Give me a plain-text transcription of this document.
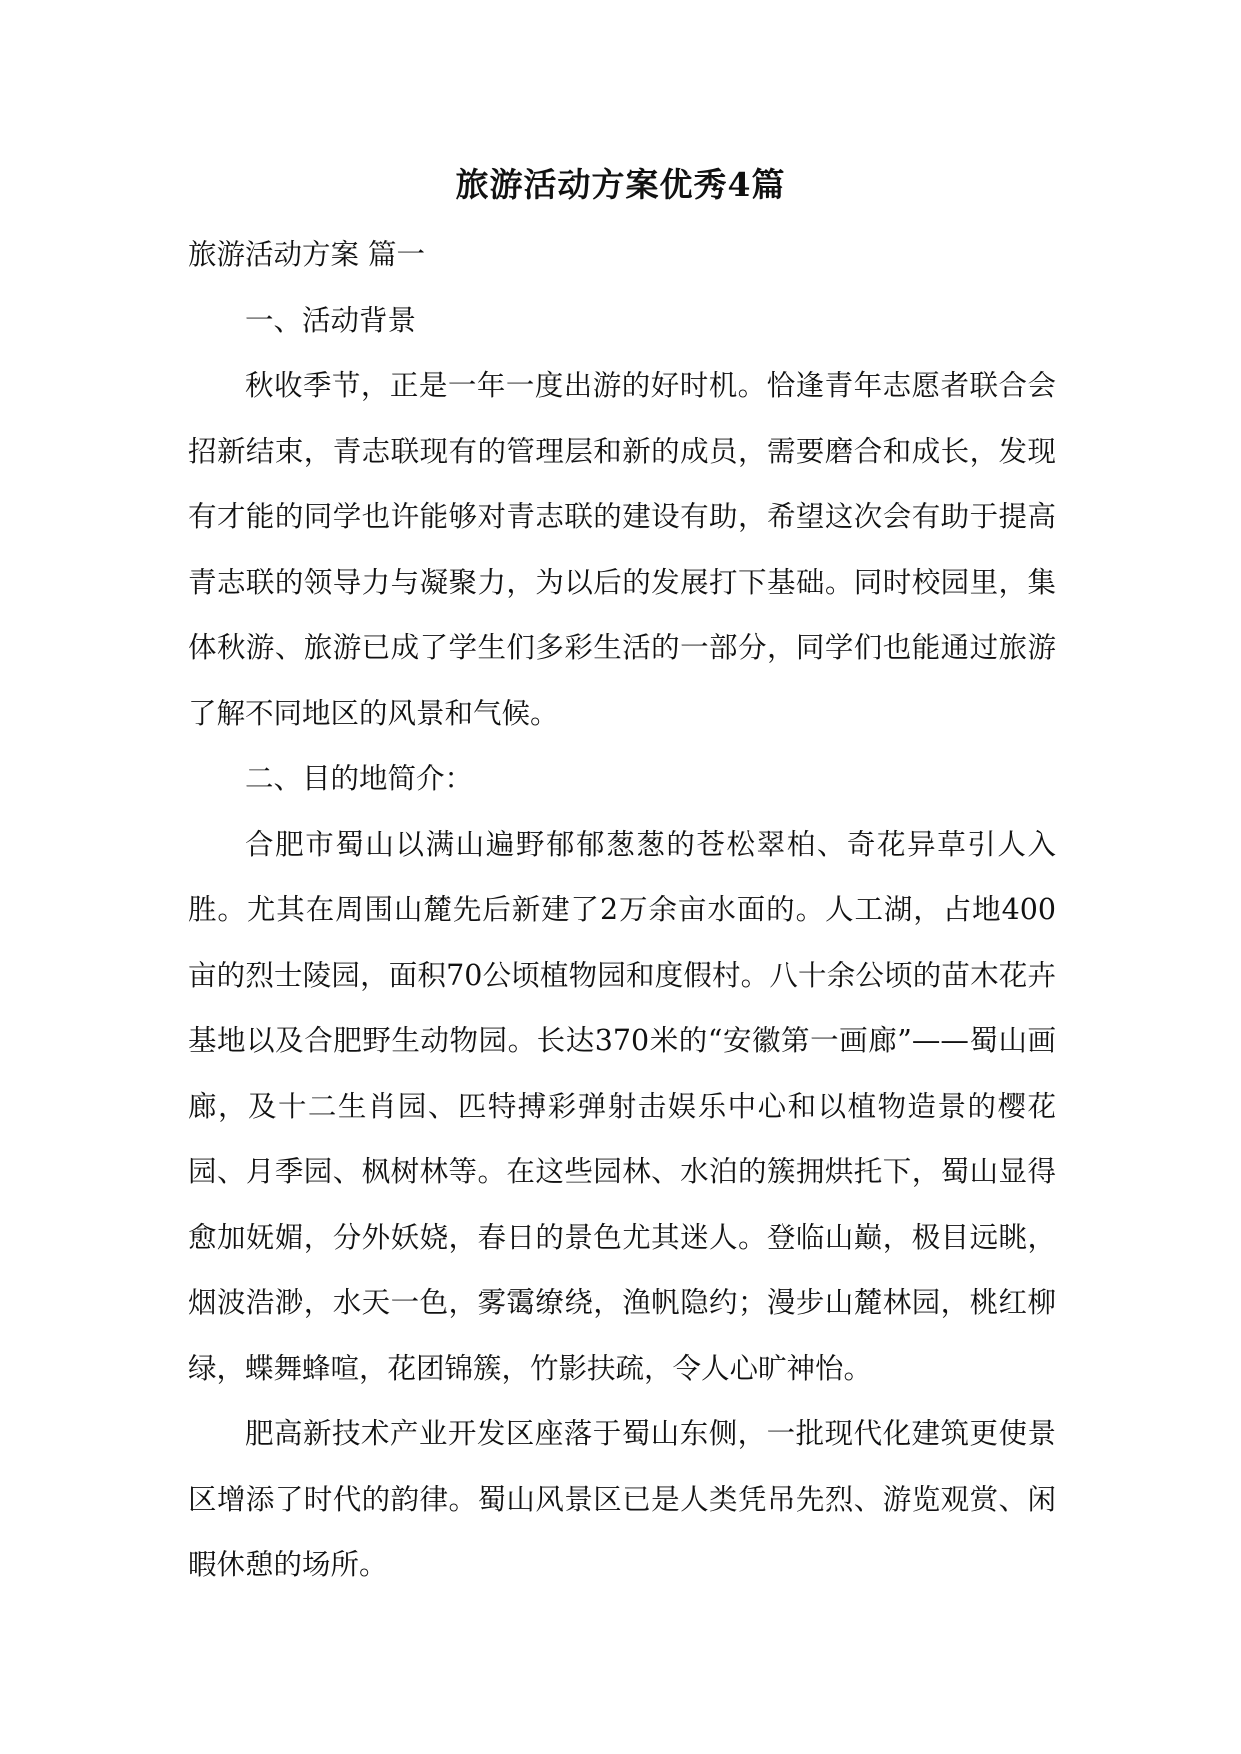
旅游活动方案优秀4篇

旅游活动方案 篇一

一、活动背景

秋收季节，正是一年一度出游的好时机。恰逢青年志愿者联合会招新结束，青志联现有的管理层和新的成员，需要磨合和成长，发现有才能的同学也许能够对青志联的建设有助，希望这次会有助于提高青志联的领导力与凝聚力，为以后的发展打下基础。同时校园里，集体秋游、旅游已成了学生们多彩生活的一部分，同学们也能通过旅游了解不同地区的风景和气候。

二、目的地简介：

合肥市蜀山以满山遍野郁郁葱葱的苍松翠柏、奇花异草引人入胜。尤其在周围山麓先后新建了2万余亩水面的。人工湖，占地400亩的烈士陵园，面积70公顷植物园和度假村。八十余公顷的苗木花卉基地以及合肥野生动物园。长达370米的“安徽第一画廊”——蜀山画廊，及十二生肖园、匹特搏彩弹射击娱乐中心和以植物造景的樱花园、月季园、枫树林等。在这些园林、水泊的簇拥烘托下，蜀山显得愈加妩媚，分外妖娆，春日的景色尤其迷人。登临山巅，极目远眺，烟波浩渺，水天一色，雾霭缭绕，渔帆隐约；漫步山麓林园，桃红柳绿，蝶舞蜂喧，花团锦簇，竹影扶疏，令人心旷神怡。

肥高新技术产业开发区座落于蜀山东侧，一批现代化建筑更使景区增添了时代的韵律。蜀山风景区已是人类凭吊先烈、游览观赏、闲暇休憩的场所。
